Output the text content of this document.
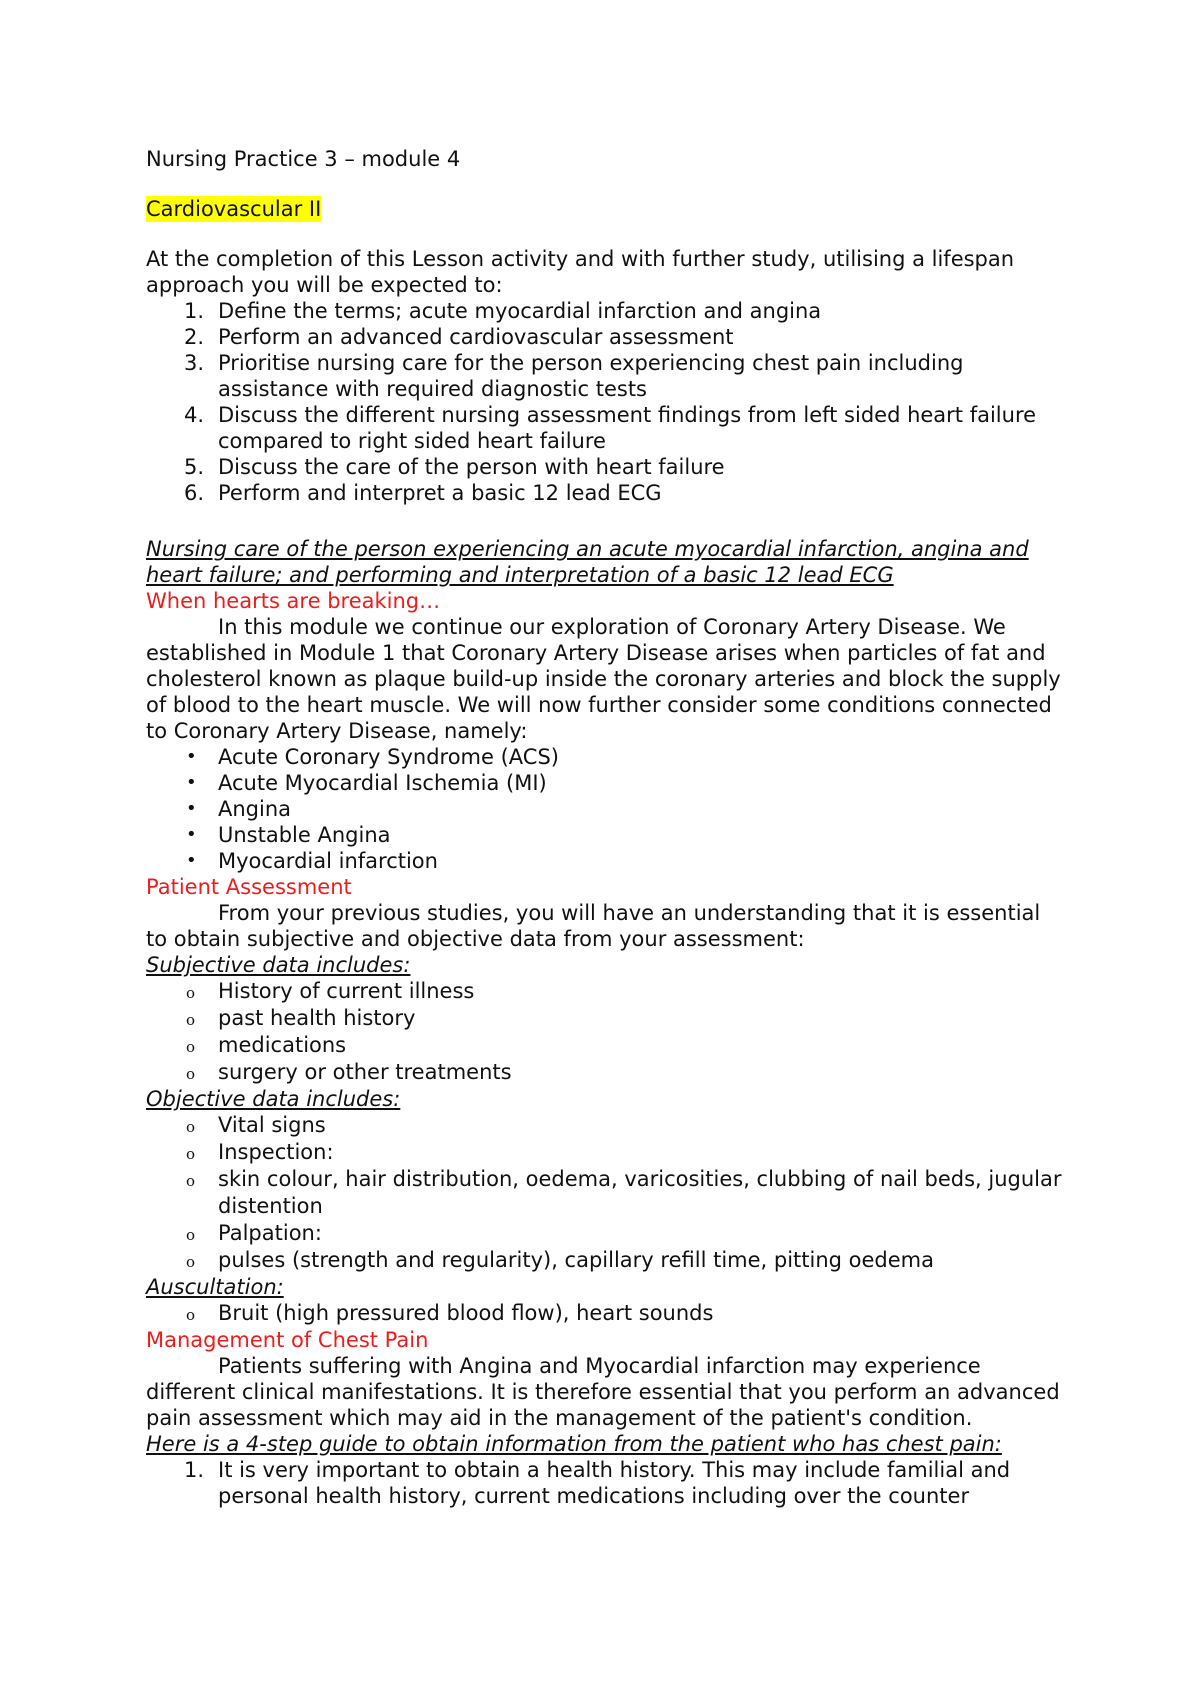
Nursing Practice 3 – module 4

Cardiovascular II

At the completion of this Lesson activity and with further study, utilising a lifespan approach you will be expected to:

1. Define the terms; acute myocardial infarction and angina
2. Perform an advanced cardiovascular assessment
3. Prioritise nursing care for the person experiencing chest pain including assistance with required diagnostic tests
4. Discuss the different nursing assessment findings from left sided heart failure compared to right sided heart failure
5. Discuss the care of the person with heart failure
6. Perform and interpret a basic 12 lead ECG

Nursing care of the person experiencing an acute myocardial infarction, angina and heart failure; and performing and interpretation of a basic 12 lead ECG

When hearts are breaking…

In this module we continue our exploration of Coronary Artery Disease. We established in Module 1 that Coronary Artery Disease arises when particles of fat and cholesterol known as plaque build-up inside the coronary arteries and block the supply of blood to the heart muscle. We will now further consider some conditions connected to Coronary Artery Disease, namely:

• Acute Coronary Syndrome (ACS)
• Acute Myocardial Ischemia (MI)
• Angina
• Unstable Angina
• Myocardial infarction

Patient Assessment

From your previous studies, you will have an understanding that it is essential to obtain subjective and objective data from your assessment:

Subjective data includes:

o History of current illness
o past health history
o medications
o surgery or other treatments

Objective data includes:

o Vital signs
o Inspection:
o skin colour, hair distribution, oedema, varicosities, clubbing of nail beds, jugular distention
o Palpation:
o pulses (strength and regularity), capillary refill time, pitting oedema

Auscultation:

o Bruit (high pressured blood flow), heart sounds

Management of Chest Pain

Patients suffering with Angina and Myocardial infarction may experience different clinical manifestations. It is therefore essential that you perform an advanced pain assessment which may aid in the management of the patient's condition.

Here is a 4-step guide to obtain information from the patient who has chest pain:

1. It is very important to obtain a health history. This may include familial and personal health history, current medications including over the counter
